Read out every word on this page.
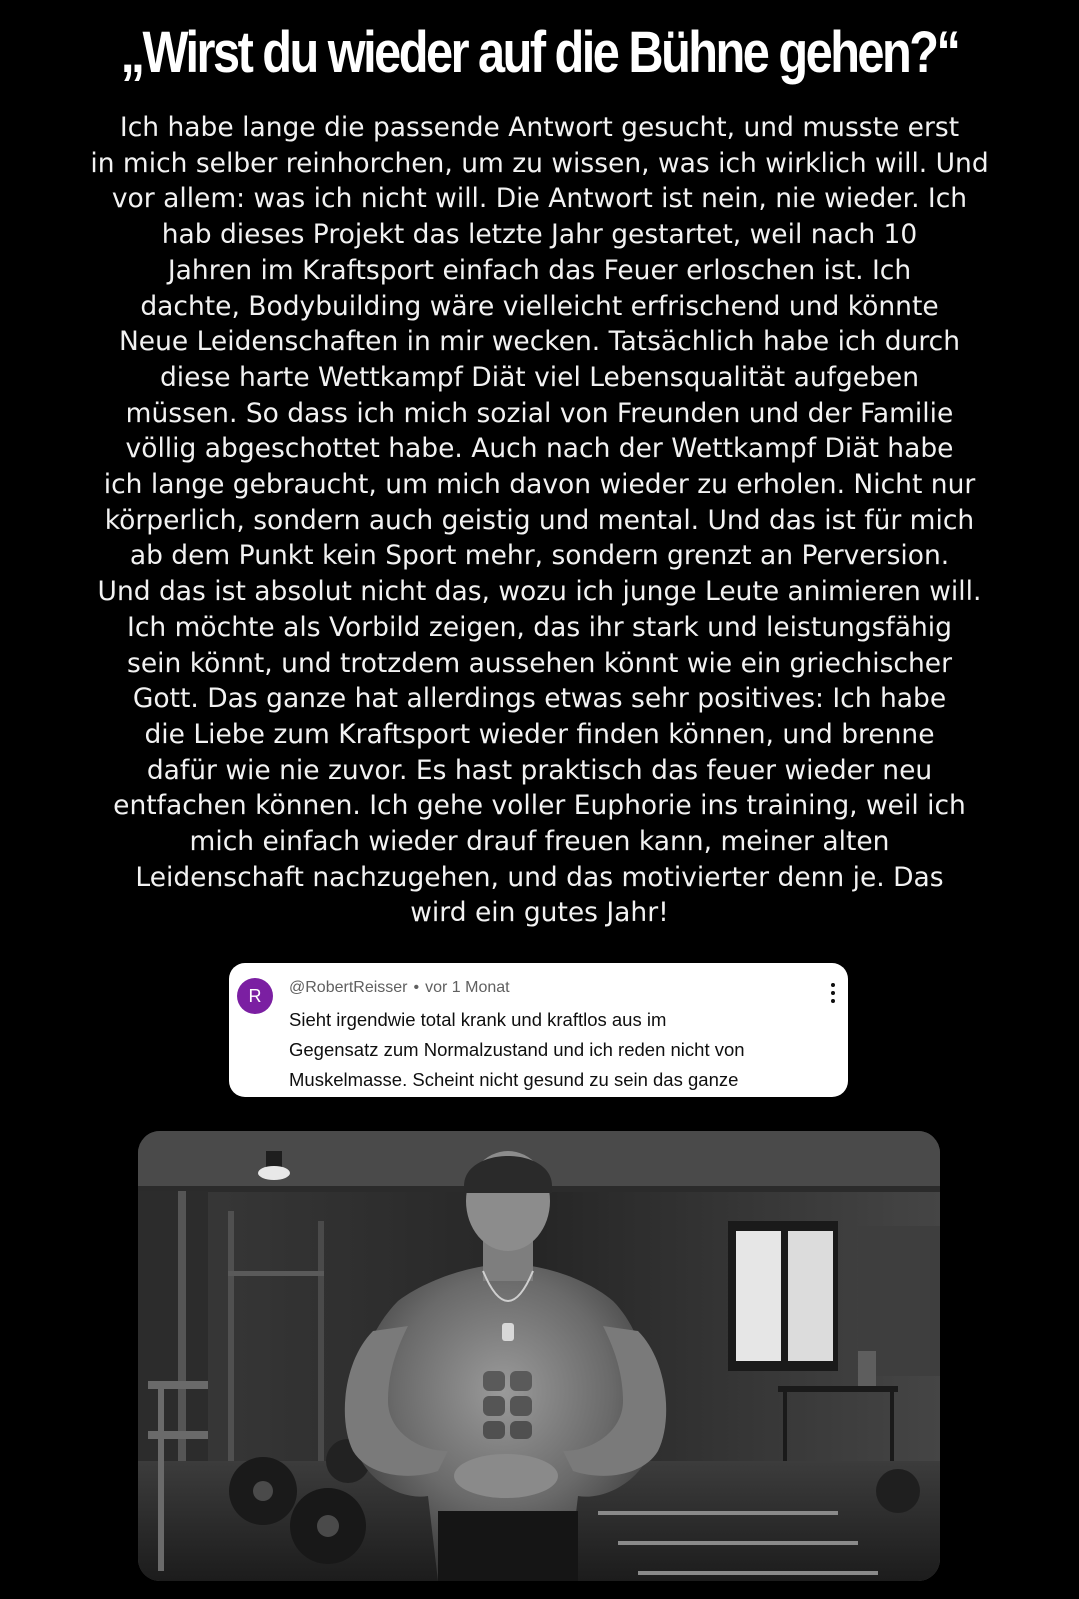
„Wirst du wieder auf die Bühne gehen?“
Ich habe lange die passende Antwort gesucht, und musste erst
in mich selber reinhorchen, um zu wissen, was ich wirklich will. Und
vor allem: was ich nicht will. Die Antwort ist nein, nie wieder. Ich
hab dieses Projekt das letzte Jahr gestartet, weil nach 10
Jahren im Kraftsport einfach das Feuer erloschen ist. Ich
dachte, Bodybuilding wäre vielleicht erfrischend und könnte
Neue Leidenschaften in mir wecken. Tatsächlich habe ich durch
diese harte Wettkampf Diät viel Lebensqualität aufgeben
müssen. So dass ich mich sozial von Freunden und der Familie
völlig abgeschottet habe. Auch nach der Wettkampf Diät habe
ich lange gebraucht, um mich davon wieder zu erholen. Nicht nur
körperlich, sondern auch geistig und mental. Und das ist für mich
ab dem Punkt kein Sport mehr, sondern grenzt an Perversion.
Und das ist absolut nicht das, wozu ich junge Leute animieren will.
Ich möchte als Vorbild zeigen, das ihr stark und leistungsfähig
sein könnt, und trotzdem aussehen könnt wie ein griechischer
Gott. Das ganze hat allerdings etwas sehr positives: Ich habe
die Liebe zum Kraftsport wieder finden können, und brenne
dafür wie nie zuvor. Es hast praktisch das feuer wieder neu
entfachen können. Ich gehe voller Euphorie ins training, weil ich
mich einfach wieder drauf freuen kann, meiner alten
Leidenschaft nachzugehen, und das motivierter denn je. Das
wird ein gutes Jahr!
R	@RobertReisser • vor 1 Monat
Sieht irgendwie total krank und kraftlos aus im
Gegensatz zum Normalzustand und ich reden nicht von
Muskelmasse. Scheint nicht gesund zu sein das ganze
